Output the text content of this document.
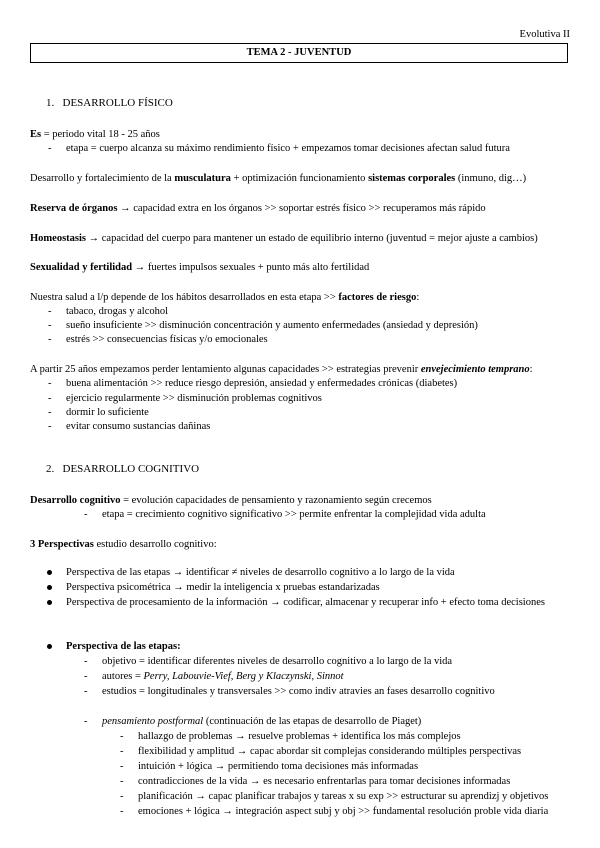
Evolutiva II
TEMA 2 - JUVENTUD
1. DESARROLLO FÍSICO
Es = periodo vital 18 - 25 años
- etapa = cuerpo alcanza su máximo rendimiento físico + empezamos tomar decisiones afectan salud futura
Desarrollo y fortalecimiento de la musculatura + optimización funcionamiento sistemas corporales (inmuno, dig…)
Reserva de órganos → capacidad extra en los órganos >> soportar estrés físico >> recuperamos más rápido
Homeostasis → capacidad del cuerpo para mantener un estado de equilibrio interno (juventud = mejor ajuste a cambios)
Sexualidad y fertilidad → fuertes impulsos sexuales + punto más alto fertilidad
Nuestra salud a l/p depende de los hábitos desarrollados en esta etapa >> factores de riesgo:
- tabaco, drogas y alcohol
- sueño insuficiente >> disminución concentración y aumento enfermedades (ansiedad y depresión)
- estrés >> consecuencias físicas y/o emocionales
A partir 25 años empezamos perder lentamiento algunas capacidades >> estrategias prevenir envejecimiento temprano:
- buena alimentación >> reduce riesgo depresión, ansiedad y enfermedades crónicas (diabetes)
- ejercicio regularmente >> disminución problemas cognitivos
- dormir lo suficiente
- evitar consumo sustancias dañinas
2. DESARROLLO COGNITIVO
Desarrollo cognitivo = evolución capacidades de pensamiento y razonamiento según crecemos
- etapa = crecimiento cognitivo significativo >> permite enfrentar la complejidad vida adulta
3 Perspectivas estudio desarrollo cognitivo:
Perspectiva de las etapas → identificar ≠ niveles de desarrollo cognitivo a lo largo de la vida
Perspectiva psicométrica → medir la inteligencia x pruebas estandarizadas
Perspectiva de procesamiento de la información → codificar, almacenar y recuperar info + efecto toma decisiones
Perspectiva de las etapas:
- objetivo = identificar diferentes niveles de desarrollo cognitivo a lo largo de la vida
- autores = Perry, Labouvie-Vief, Berg y Klaczynski, Sinnot
- estudios = longitudinales y transversales >> como indiv atravies an fases desarrollo cognitivo
- pensamiento postformal (continuación de las etapas de desarrollo de Piaget)
- hallazgo de problemas → resuelve problemas + identifica los más complejos
- flexibilidad y amplitud → capac abordar sit complejas considerando múltiples perspectivas
- intuición + lógica → permitiendo toma decisiones más informadas
- contradicciones de la vida → es necesario enfrentarlas para tomar decisiones informadas
- planificación → capac planificar trabajos y tareas x su exp >> estructurar su aprendizj y objetivos
- emociones + lógica → integración aspect subj y obj >> fundamental resolución proble vida diaria
